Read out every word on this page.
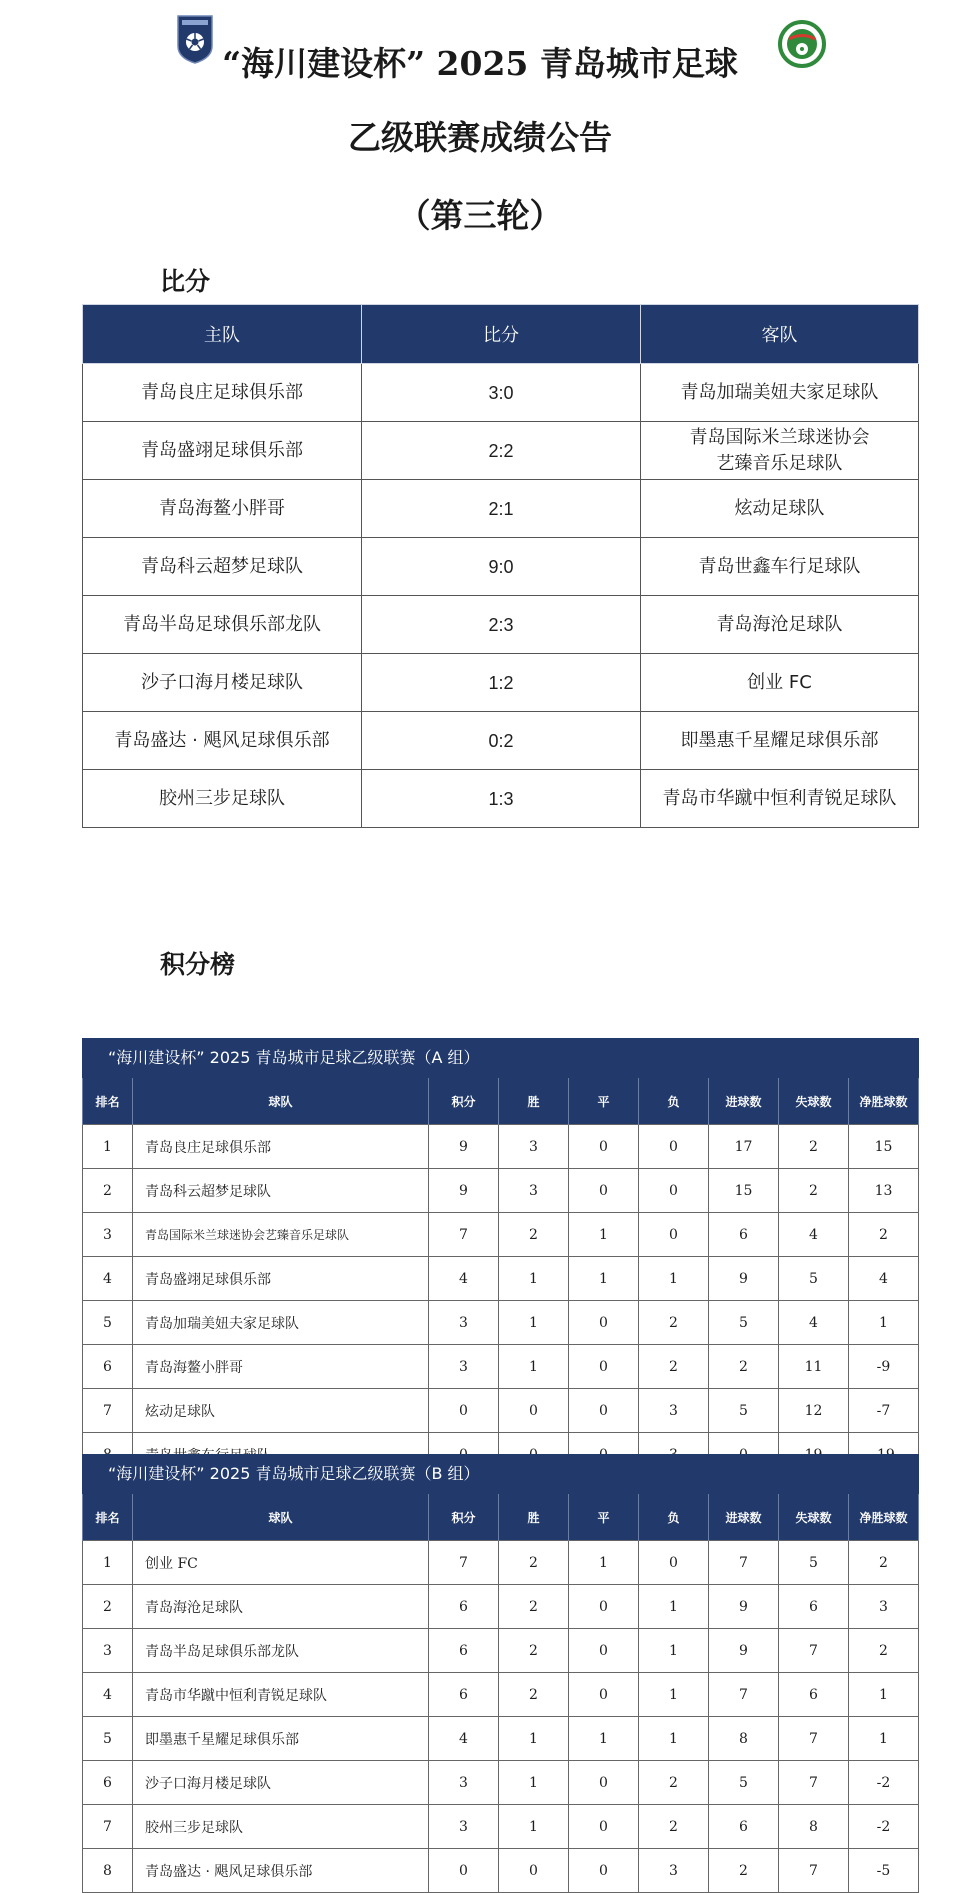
“海川建设杯” 2025 青岛城市足球
乙级联赛成绩公告
（第三轮）
比分
主队	比分	客队
青岛良庄足球俱乐部	3:0	青岛加瑞美妞夫家足球队
青岛盛翊足球俱乐部	2:2	青岛国际米兰球迷协会
艺臻音乐足球队
青岛海鳌小胖哥	2:1	炫动足球队
青岛科云超梦足球队	9:0	青岛世鑫车行足球队
青岛半岛足球俱乐部龙队	2:3	青岛海沧足球队
沙子口海月楼足球队	1:2	创业 FC
青岛盛达 · 飓风足球俱乐部	0:2	即墨惠千星耀足球俱乐部
胶州三步足球队	1:3	青岛市华蹴中恒利青锐足球队
积分榜
“海川建设杯” 2025 青岛城市足球乙级联赛（A 组）
排名	球队	积分	胜	平	负	进球数	失球数	净胜球数
1	青岛良庄足球俱乐部	9	3	0	0	17	2	15
2	青岛科云超梦足球队	9	3	0	0	15	2	13
3	青岛国际米兰球迷协会艺臻音乐足球队	7	2	1	0	6	4	2
4	青岛盛翊足球俱乐部	4	1	1	1	9	5	4
5	青岛加瑞美妞夫家足球队	3	1	0	2	5	4	1
6	青岛海鳌小胖哥	3	1	0	2	2	11	-9
7	炫动足球队	0	0	0	3	5	12	-7

“海川建设杯” 2025 青岛城市足球乙级联赛（B 组）
排名	球队	积分	胜	平	负	进球数	失球数	净胜球数
1	创业 FC	7	2	1	0	7	5	2
2	青岛海沧足球队	6	2	0	1	9	6	3
3	青岛半岛足球俱乐部龙队	6	2	0	1	9	7	2
4	青岛市华蹴中恒利青锐足球队	6	2	0	1	7	6	1
5	即墨惠千星耀足球俱乐部	4	1	1	1	8	7	1
6	沙子口海月楼足球队	3	1	0	2	5	7	-2
7	胶州三步足球队	3	1	0	2	6	8	-2
8	青岛盛达 · 飓风足球俱乐部	0	0	0	3	2	7	-5
